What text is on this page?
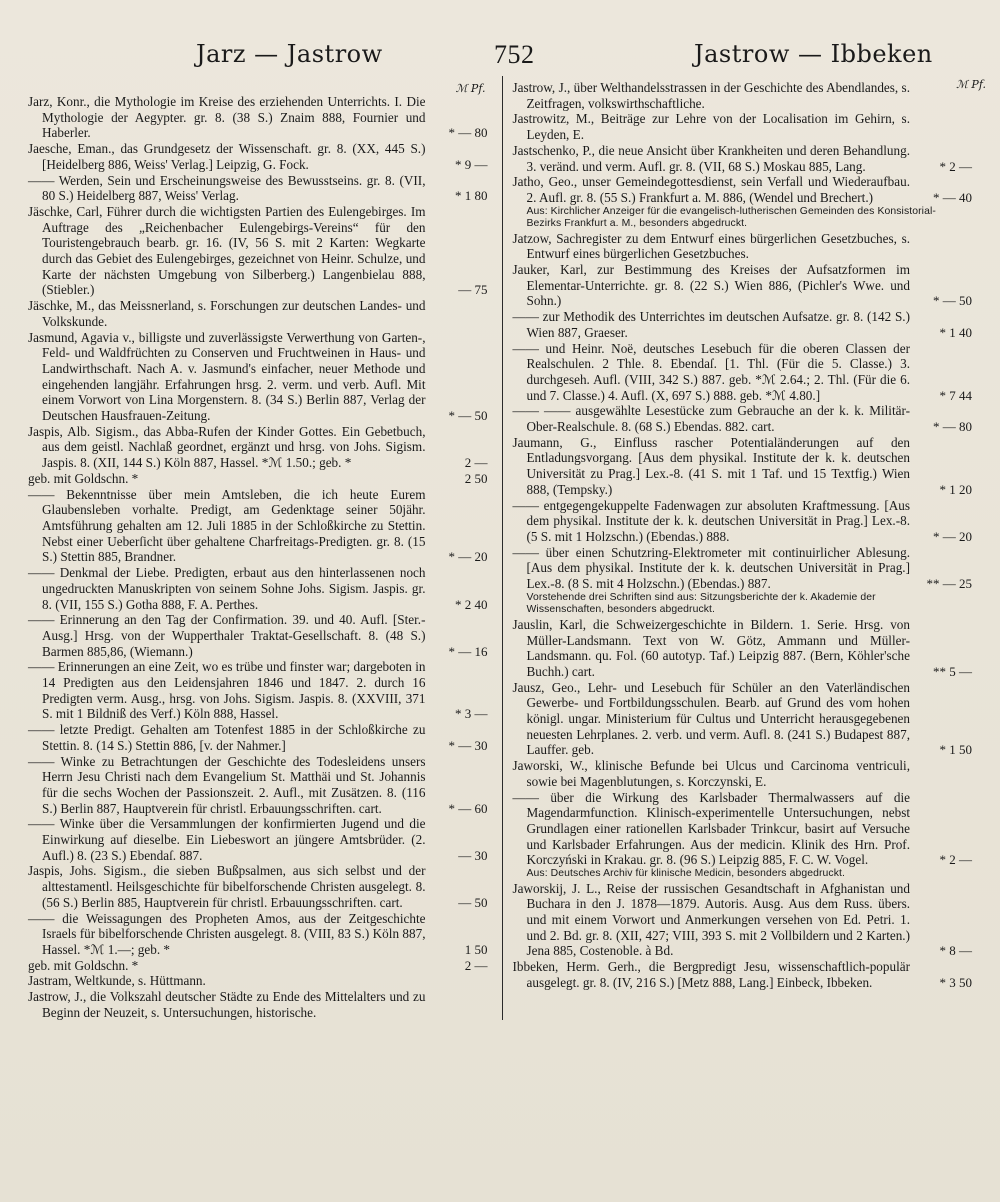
Jarz — Jastrow	752	Jastrow — Ibbeken
ℳ Pf.
Jarz, Konr., die Mythologie im Kreise des erziehenden Unterrichts. I. Die Mythologie der Aegypter. gr. 8. (38 S.) Znaim 888, Fournier und Haberler.	* — 80
Jaesche, Eman., das Grundgesetz der Wissenschaft. gr. 8. (XX, 445 S.) [Heidelberg 886, Weiss' Verlag.] Leipzig, G. Fock.	* 9 —
—— Werden, Sein und Erscheinungsweise des Bewusstseins. gr. 8. (VII, 80 S.) Heidelberg 887, Weiss' Verlag.	* 1 80
Jäschke, Carl, Führer durch die wichtigsten Partien des Eulengebirges. Im Auftrage des „Reichenbacher Eulengebirgs-Vereins“ für den Touristengebrauch bearb. gr. 16. (IV, 56 S. mit 2 Karten: Wegkarte durch das Gebiet des Eulengebirges, gezeichnet von Heinr. Schulze, und Karte der nächsten Umgebung von Silberberg.) Langenbielau 888, (Stiebler.)	— 75
Jäschke, M., das Meissnerland, s. Forschungen zur deutschen Landes- und Volkskunde.
Jasmund, Agavia v., billigste und zuverlässigste Verwerthung von Garten-, Feld- und Waldfrüchten zu Conserven und Fruchtweinen in Haus- und Landwirthschaft. Nach A. v. Jasmund's einfacher, neuer Methode und eingehenden langjähr. Erfahrungen hrsg. 2. verm. und verb. Aufl. Mit einem Vorwort von Lina Morgenstern. 8. (34 S.) Berlin 887, Verlag der Deutschen Hausfrauen-Zeitung.	* — 50
Jaspis, Alb. Sigism., das Abba-Rufen der Kinder Gottes. Ein Gebetbuch, aus dem geistl. Nachlaß geordnet, ergänzt und hrsg. von Johs. Sigism. Jaspis. 8. (XII, 144 S.) Köln 887, Hassel. *ℳ 1.50.; geb. *	2 —
geb. mit Goldschn. *	2 50
—— Bekenntnisse über mein Amtsleben, die ich heute Eurem Glaubensleben vorhalte. Predigt, am Gedenktage seiner 50jähr. Amtsführung gehalten am 12. Juli 1885 in der Schloßkirche zu Stettin. Nebst einer Ueberſicht über gehaltene Charfreitags-Predigten. gr. 8. (15 S.) Stettin 885, Brandner.	* — 20
—— Denkmal der Liebe. Predigten, erbaut aus den hinterlassenen noch ungedruckten Manuskripten von seinem Sohne Johs. Sigism. Jaspis. gr. 8. (VII, 155 S.) Gotha 888, F. A. Perthes.	* 2 40
—— Erinnerung an den Tag der Confirmation. 39. und 40. Aufl. [Ster.-Ausg.] Hrsg. von der Wupperthaler Traktat-Gesellschaft. 8. (48 S.) Barmen 885,86, (Wiemann.)	* — 16
—— Erinnerungen an eine Zeit, wo es trübe und finster war; dargeboten in 14 Predigten aus den Leidensjahren 1846 und 1847. 2. durch 16 Predigten verm. Ausg., hrsg. von Johs. Sigism. Jaspis. 8. (XXVIII, 371 S. mit 1 Bildniß des Verf.) Köln 888, Hassel.	* 3 —
—— letzte Predigt. Gehalten am Totenfest 1885 in der Schloßkirche zu Stettin. 8. (14 S.) Stettin 886, [v. der Nahmer.]	* — 30
—— Winke zu Betrachtungen der Geschichte des Todesleidens unsers Herrn Jesu Christi nach dem Evangelium St. Matthäi und St. Johannis für die sechs Wochen der Passionszeit. 2. Aufl., mit Zusätzen. 8. (116 S.) Berlin 887, Hauptverein für christl. Erbauungsschriften. cart.	* — 60
—— Winke über die Versammlungen der konfirmierten Jugend und die Einwirkung auf dieselbe. Ein Liebeswort an jüngere Amtsbrüder. (2. Aufl.) 8. (23 S.) Ebendaſ. 887.	— 30
Jaspis, Johs. Sigism., die sieben Bußpsalmen, aus sich selbst und der alttestamentl. Heilsgeschichte für bibelforschende Christen ausgelegt. 8. (56 S.) Berlin 885, Hauptverein für christl. Erbauungsschriften. cart.	— 50
—— die Weissagungen des Propheten Amos, aus der Zeitgeschichte Israels für bibelforschende Christen ausgelegt. 8. (VIII, 83 S.) Köln 887, Hassel. *ℳ 1.—; geb. *	1 50
geb. mit Goldschn. *	2 —
Jastram, Weltkunde, s. Hüttmann.
Jastrow, J., die Volkszahl deutscher Städte zu Ende des Mittelalters und zu Beginn der Neuzeit, s. Untersuchungen, historische.
ℳ Pf.
Jastrow, J., über Welthandelsstrassen in der Geschichte des Abendlandes, s. Zeitfragen, volkswirthschaftliche.
Jastrowitz, M., Beiträge zur Lehre von der Localisation im Gehirn, s. Leyden, E.
Jastschenko, P., die neue Ansicht über Krankheiten und deren Behandlung. 3. veränd. und verm. Aufl. gr. 8. (VII, 68 S.) Moskau 885, Lang.	* 2 —
Jatho, Geo., unser Gemeindegottesdienst, sein Verfall und Wiederaufbau. 2. Aufl. gr. 8. (55 S.) Frankfurt a. M. 886, (Wendel und Brechert.)	* — 40
Aus: Kirchlicher Anzeiger für die evangelisch-lutherischen Gemeinden des Konsistorial-Bezirks Frankfurt a. M., besonders abgedruckt.
Jatzow, Sachregister zu dem Entwurf eines bürgerlichen Gesetzbuches, s. Entwurf eines bürgerlichen Gesetzbuches.
Jauker, Karl, zur Bestimmung des Kreises der Aufsatzformen im Elementar-Unterrichte. gr. 8. (22 S.) Wien 886, (Pichler's Wwe. und Sohn.)	* — 50
—— zur Methodik des Unterrichtes im deutschen Aufsatze. gr. 8. (142 S.) Wien 887, Graeser.	* 1 40
—— und Heinr. Noë, deutsches Lesebuch für die oberen Classen der Realschulen. 2 Thle. 8. Ebendaſ. [1. Thl. (Für die 5. Classe.) 3. durchgeseh. Aufl. (VIII, 342 S.) 887. geb. *ℳ 2.64.; 2. Thl. (Für die 6. und 7. Classe.) 4. Aufl. (X, 697 S.) 888. geb. *ℳ 4.80.]	* 7 44
—— —— ausgewählte Lesestücke zum Gebrauche an der k. k. Militär-Ober-Realschule. 8. (68 S.) Ebendas. 882. cart.	* — 80
Jaumann, G., Einfluss rascher Potentialänderungen auf den Entladungsvorgang. [Aus dem physikal. Institute der k. k. deutschen Universität zu Prag.] Lex.-8. (41 S. mit 1 Taf. und 15 Textfig.) Wien 888, (Tempsky.)	* 1 20
—— entgegengekuppelte Fadenwagen zur absoluten Kraftmessung. [Aus dem physikal. Institute der k. k. deutschen Universität in Prag.] Lex.-8. (5 S. mit 1 Holzschn.) (Ebendas.) 888.	* — 20
—— über einen Schutzring-Elektrometer mit continuirlicher Ablesung. [Aus dem physikal. Institute der k. k. deutschen Universität in Prag.] Lex.-8. (8 S. mit 4 Holzschn.) (Ebendas.) 887.	** — 25
Vorstehende drei Schriften sind aus: Sitzungsberichte der k. Akademie der Wissenschaften, besonders abgedruckt.
Jauslin, Karl, die Schweizergeschichte in Bildern. 1. Serie. Hrsg. von Müller-Landsmann. Text von W. Götz, Ammann und Müller-Landsmann. qu. Fol. (60 autotyp. Taf.) Leipzig 887. (Bern, Köhler'sche Buchh.) cart.	** 5 —
Jausz, Geo., Lehr- und Lesebuch für Schüler an den Vaterländischen Gewerbe- und Fortbildungsschulen. Bearb. auf Grund des vom hohen königl. ungar. Ministerium für Cultus und Unterricht herausgegebenen neuesten Lehrplanes. 2. verb. und verm. Aufl. 8. (241 S.) Budapest 887, Lauffer. geb.	* 1 50
Jaworski, W., klinische Befunde bei Ulcus und Carcinoma ventriculi, sowie bei Magenblutungen, s. Korczynski, E.
—— über die Wirkung des Karlsbader Thermalwassers auf die Magendarmfunction. Klinisch-experimentelle Untersuchungen, nebst Grundlagen einer rationellen Karlsbader Trinkcur, basirt auf Versuche und Karlsbader Erfahrungen. Aus der medicin. Klinik des Hrn. Prof. Korczyński in Krakau. gr. 8. (96 S.) Leipzig 885, F. C. W. Vogel.	* 2 —
Aus: Deutsches Archiv für klinische Medicin, besonders abgedruckt.
Jaworskij, J. L., Reise der russischen Gesandtschaft in Afghanistan und Buchara in den J. 1878—1879. Autoris. Ausg. Aus dem Russ. übers. und mit einem Vorwort und Anmerkungen versehen von Ed. Petri. 1. und 2. Bd. gr. 8. (XII, 427; VIII, 393 S. mit 2 Vollbildern und 2 Karten.) Jena 885, Costenoble. à Bd.	* 8 —
Ibbeken, Herm. Gerh., die Bergpredigt Jesu, wissenschaftlich-populär ausgelegt. gr. 8. (IV, 216 S.) [Metz 888, Lang.] Einbeck, Ibbeken.	* 3 50
